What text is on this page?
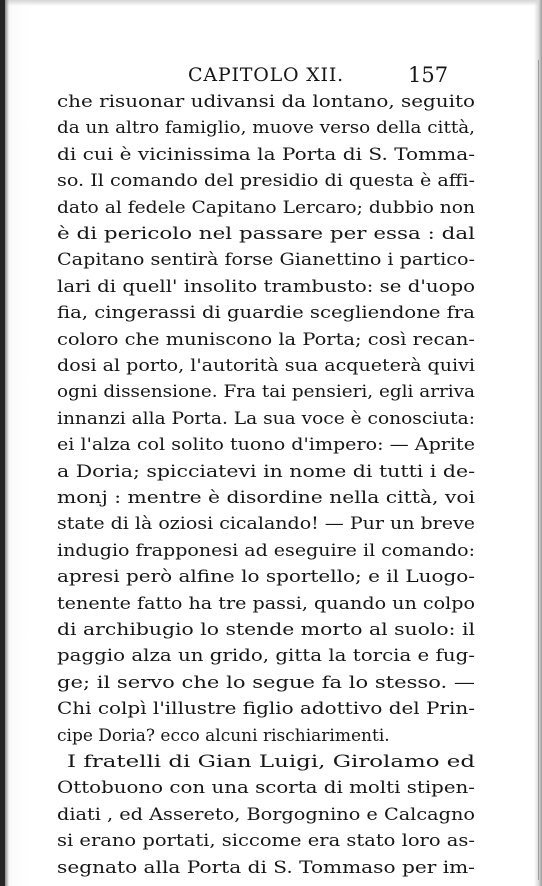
CAPITOLO XII.	157
che risuonar udivansi da lontano, seguito
da un altro famiglio, muove verso della città,
di cui è vicinissima la Porta di S. Tomma-
so. Il comando del presidio di questa è affi-
dato al fedele Capitano Lercaro; dubbio non
è di pericolo nel passare per essa : dal
Capitano sentirà forse Gianettino i partico-
lari di quell' insolito trambusto: se d'uopo
fia, cingerassi di guardie scegliendone fra
coloro che muniscono la Porta; così recan-
dosi al porto, l'autorità sua acqueterà quivi
ogni dissensione. Fra tai pensieri, egli arriva
innanzi alla Porta. La sua voce è conosciuta:
ei l'alza col solito tuono d'impero: — Aprite
a Doria; spicciatevi in nome di tutti i de-
monj : mentre è disordine nella città, voi
state di là oziosi cicalando! — Pur un breve
indugio frapponesi ad eseguire il comando:
apresi però alfine lo sportello; e il Luogo-
tenente fatto ha tre passi, quando un colpo
di archibugio lo stende morto al suolo: il
paggio alza un grido, gitta la torcia e fug-
ge; il servo che lo segue fa lo stesso. —
Chi colpì l'illustre figlio adottivo del Prin-
cipe Doria? ecco alcuni rischiarimenti.
I fratelli di Gian Luigi, Girolamo ed
Ottobuono con una scorta di molti stipen-
diati , ed Assereto, Borgognino e Calcagno
si erano portati, siccome era stato loro as-
segnato alla Porta di S. Tommaso per im-
